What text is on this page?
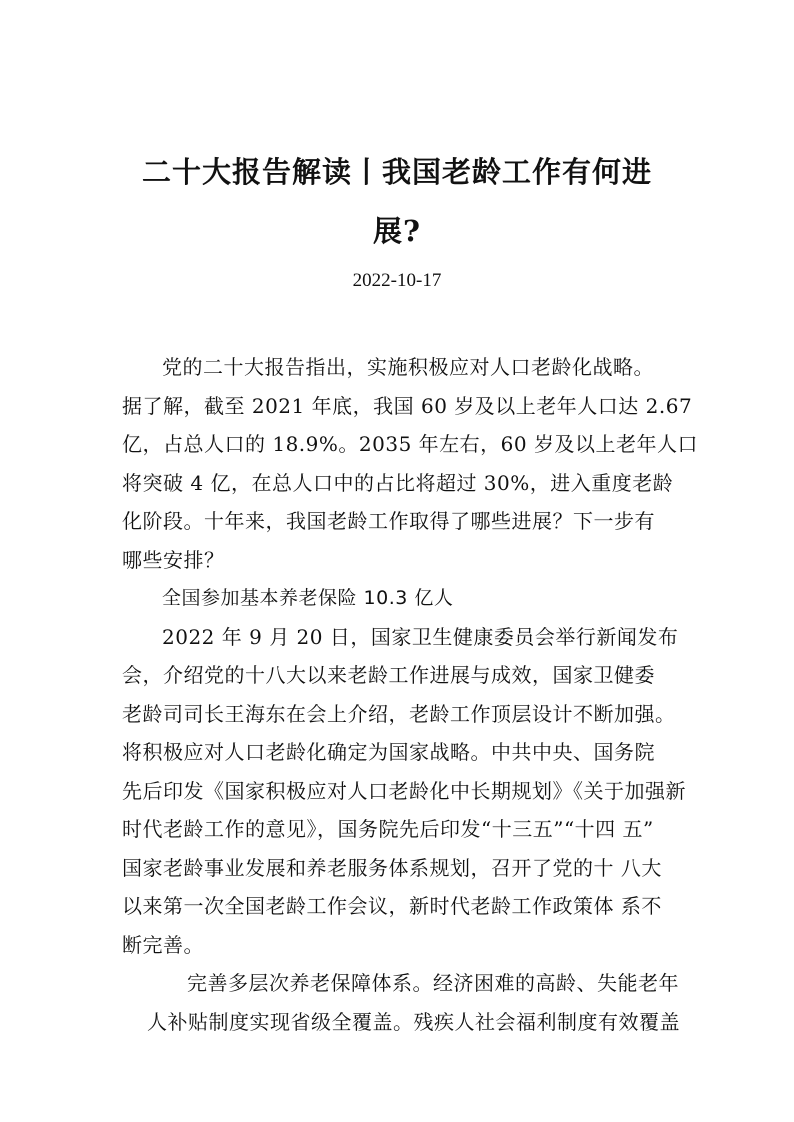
二十大报告解读丨我国老龄工作有何进
展?
2022-10-17
党的二十大报告指出，实施积极应对人口老龄化战略。
据了解，截至 2021 年底，我国 60 岁及以上老年人口达 2.67
亿，占总人口的 18.9%。2035 年左右，60 岁及以上老年人口
将突破 4 亿，在总人口中的占比将超过 30%，进入重度老龄
化阶段。十年来，我国老龄工作取得了哪些进展？下一步有
哪些安排？
全国参加基本养老保险 10.3 亿人
2022 年 9 月 20 日，国家卫生健康委员会举行新闻发布
会，介绍党的十八大以来老龄工作进展与成效，国家卫健委
老龄司司长王海东在会上介绍，老龄工作顶层设计不断加强。
将积极应对人口老龄化确定为国家战略。中共中央、国务院
先后印发《国家积极应对人口老龄化中长期规划》《关于加强新
时代老龄工作的意见》，国务院先后印发“十三五”“十四 五”
国家老龄事业发展和养老服务体系规划，召开了党的十 八大
以来第一次全国老龄工作会议，新时代老龄工作政策体 系不
断完善。
完善多层次养老保障体系。经济困难的高龄、失能老年
人补贴制度实现省级全覆盖。残疾人社会福利制度有效覆盖
